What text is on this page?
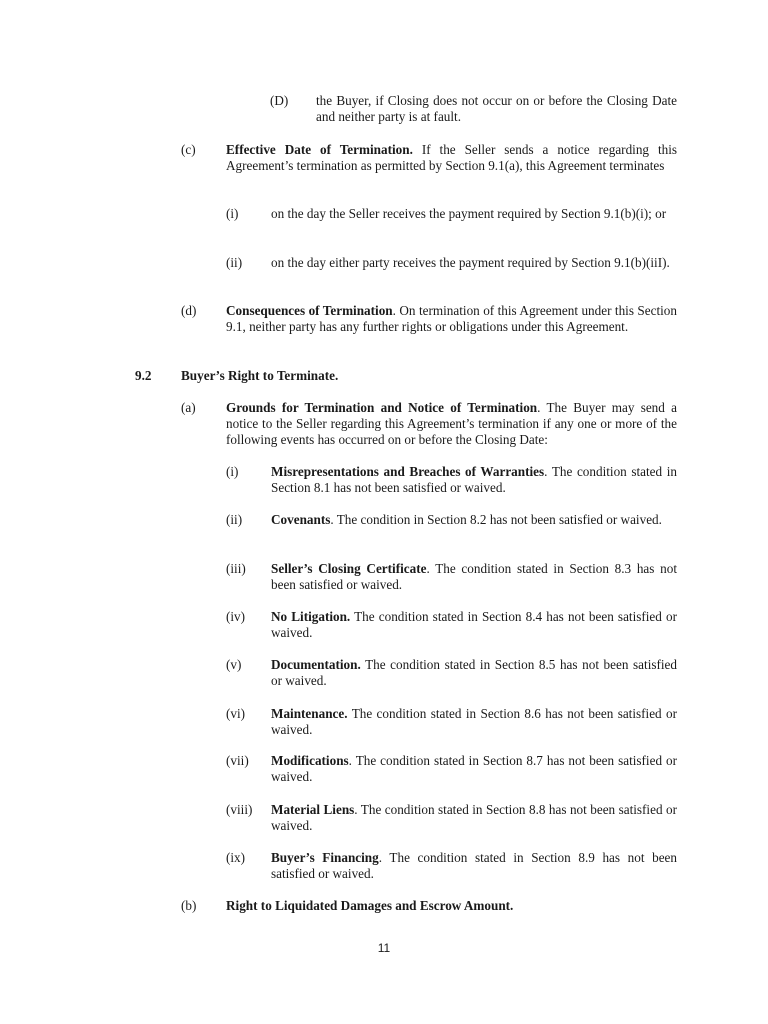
(D) the Buyer, if Closing does not occur on or before the Closing Date and neither party is at fault.
(c) Effective Date of Termination. If the Seller sends a notice regarding this Agreement’s termination as permitted by Section 9.1(a), this Agreement terminates
(i) on the day the Seller receives the payment required by Section 9.1(b)(i); or
(ii) on the day either party receives the payment required by Section 9.1(b)(iiI).
(d) Consequences of Termination. On termination of this Agreement under this Section 9.1, neither party has any further rights or obligations under this Agreement.
9.2 Buyer’s Right to Terminate.
(a) Grounds for Termination and Notice of Termination. The Buyer may send a notice to the Seller regarding this Agreement’s termination if any one or more of the following events has occurred on or before the Closing Date:
(i) Misrepresentations and Breaches of Warranties. The condition stated in Section 8.1 has not been satisfied or waived.
(ii) Covenants. The condition in Section 8.2 has not been satisfied or waived.
(iii) Seller’s Closing Certificate. The condition stated in Section 8.3 has not been satisfied or waived.
(iv) No Litigation. The condition stated in Section 8.4 has not been satisfied or waived.
(v) Documentation. The condition stated in Section 8.5 has not been satisfied or waived.
(vi) Maintenance. The condition stated in Section 8.6 has not been satisfied or waived.
(vii) Modifications. The condition stated in Section 8.7 has not been satisfied or waived.
(viii) Material Liens. The condition stated in Section 8.8 has not been satisfied or waived.
(ix) Buyer’s Financing. The condition stated in Section 8.9 has not been satisfied or waived.
(b) Right to Liquidated Damages and Escrow Amount.
11
